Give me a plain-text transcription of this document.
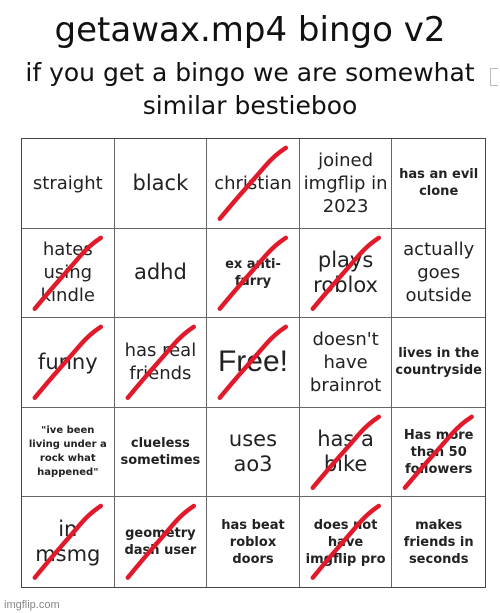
getawax.mp4 bingo v2
if you get a bingo we are somewhat similar bestieboo
straight black christian
joined imgflip in 2023
has an evil clone
hates using kindle
adhd	ex anti-furry
plays roblox
actually goes outside
funny	has real friends Free!
doesn't have brainrot
lives in the countryside
"ive been living under a rock what happened"
clueless sometimes
uses ao3
has a bike
Has more than 50 followers
in msmg
geometry dash user
has beat roblox doors
does not have imgflip pro
makes friends in seconds
imgflip.com
